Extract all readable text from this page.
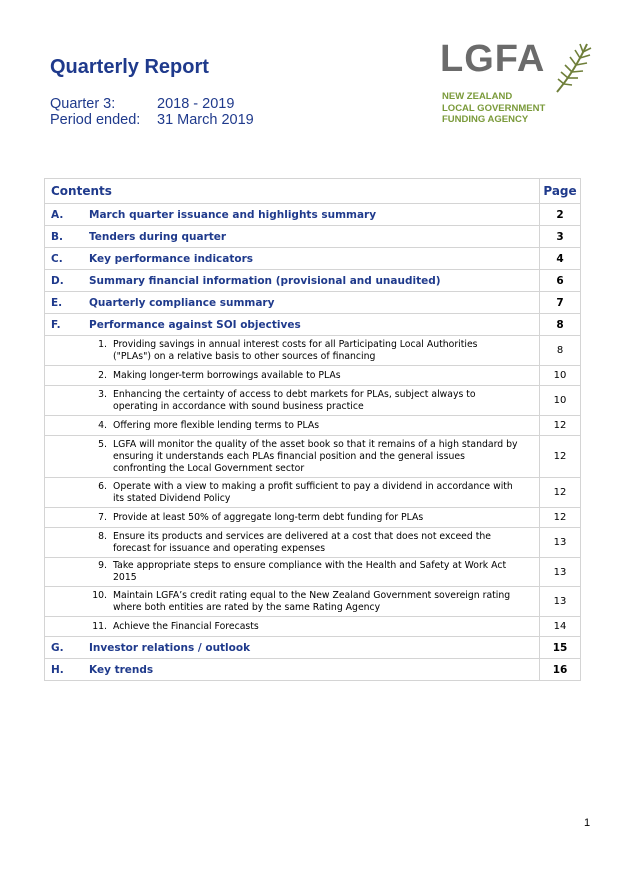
Quarterly Report
Quarter 3:	2018 - 2019
Period ended:	31 March 2019
LGFA
NEW ZEALAND
LOCAL GOVERNMENT
FUNDING AGENCY
Contents		Page
A.	March quarter issuance and highlights summary	2
B.	Tenders during quarter	3
C.	Key performance indicators	4
D.	Summary financial information (provisional and unaudited)	6
E.	Quarterly compliance summary	7
F.	Performance against SOI objectives	8
	1. Providing savings in annual interest costs for all Participating Local Authorities ("PLAs") on a relative basis to other sources of financing	8
	2. Making longer-term borrowings available to PLAs	10
	3. Enhancing the certainty of access to debt markets for PLAs, subject always to operating in accordance with sound business practice	10
	4. Offering more flexible lending terms to PLAs	12
	5. LGFA will monitor the quality of the asset book so that it remains of a high standard by ensuring it understands each PLAs financial position and the general issues confronting the Local Government sector	12
	6. Operate with a view to making a profit sufficient to pay a dividend in accordance with its stated Dividend Policy	12
	7. Provide at least 50% of aggregate long-term debt funding for PLAs	12
	8. Ensure its products and services are delivered at a cost that does not exceed the forecast for issuance and operating expenses	13
	9. Take appropriate steps to ensure compliance with the Health and Safety at Work Act 2015	13
	10. Maintain LGFA’s credit rating equal to the New Zealand Government sovereign rating where both entities are rated by the same Rating Agency	13
	11. Achieve the Financial Forecasts	14
G.	Investor relations / outlook	15
H.	Key trends	16
1
